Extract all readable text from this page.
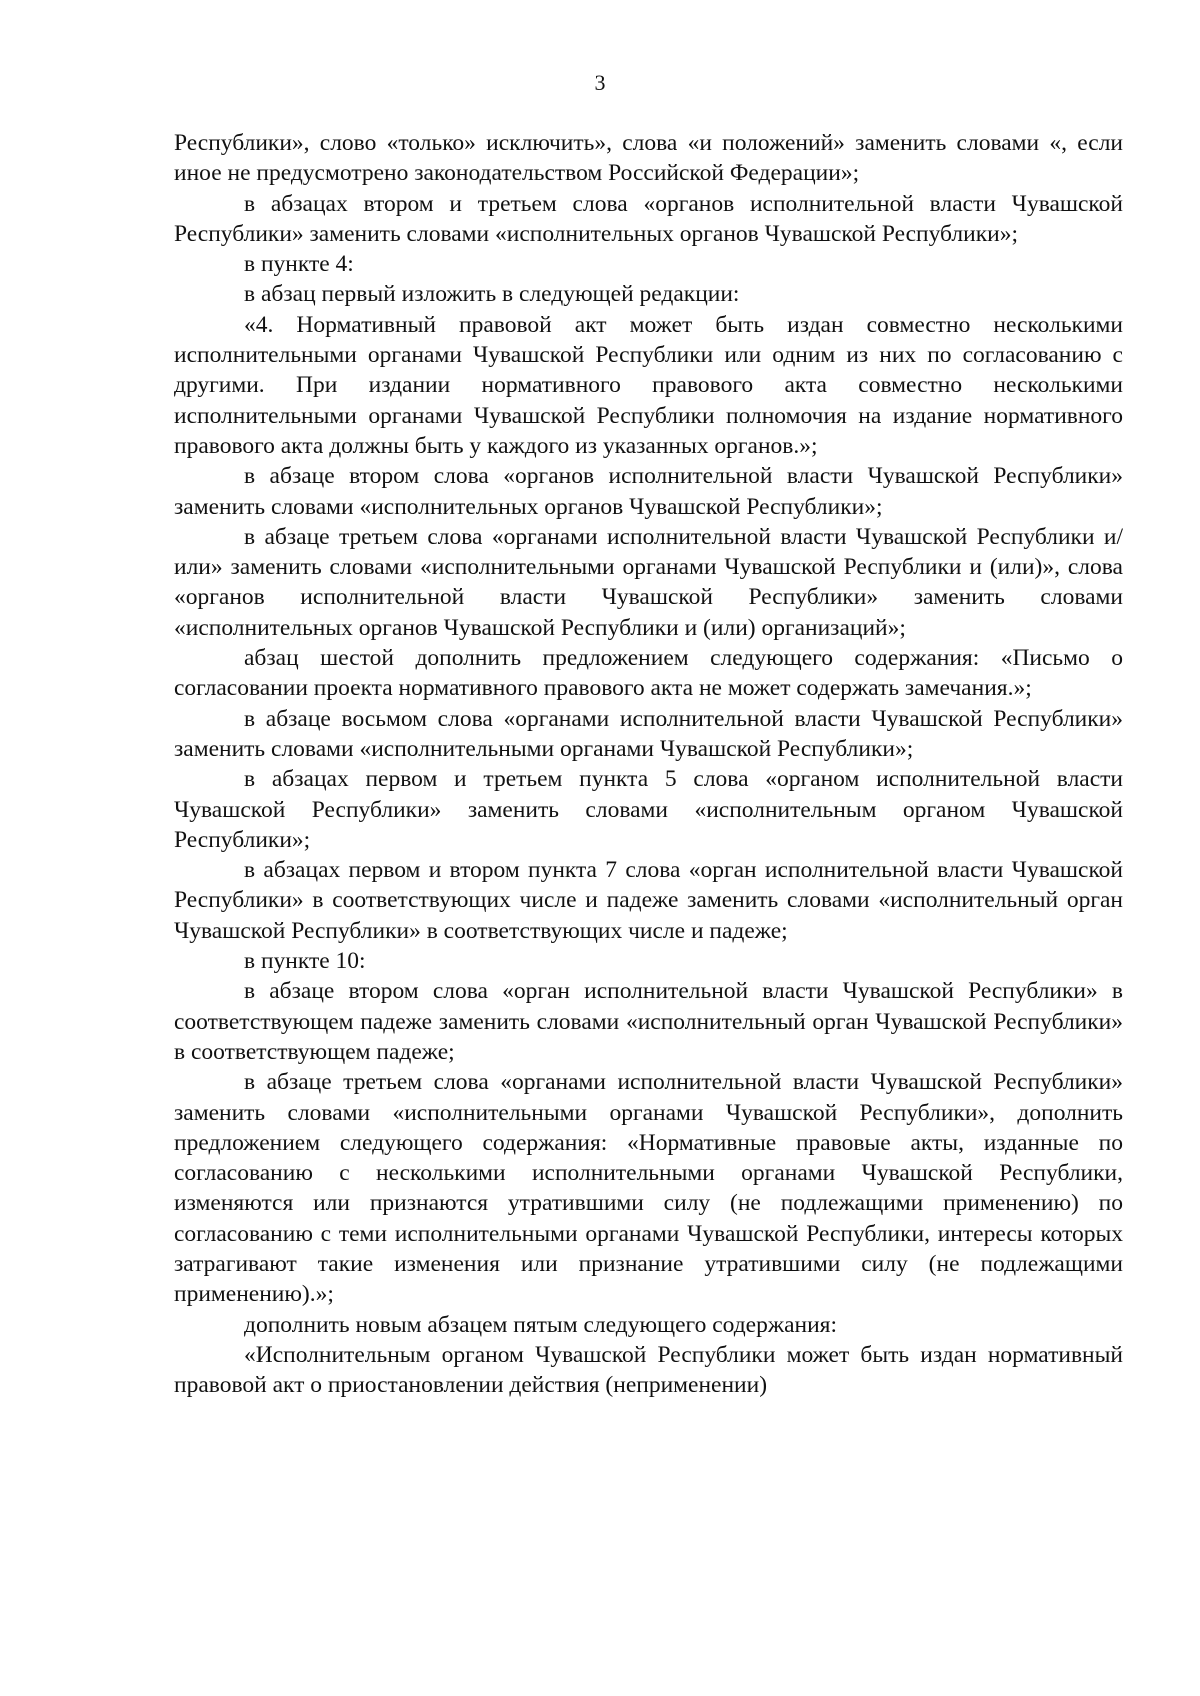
3

Республики», слово «только» исключить», слова «и положений» заменить словами «, если иное не предусмотрено законодательством Российской Федерации»;

в абзацах втором и третьем слова «органов исполнительной власти Чувашской Республики» заменить словами «исполнительных органов Чувашской Республики»;

в пункте 4:

в абзац первый изложить в следующей редакции:

«4. Нормативный правовой акт может быть издан совместно несколькими исполнительными органами Чувашской Республики или одним из них по согласованию с другими. При издании нормативного правового акта совместно несколькими исполнительными органами Чувашской Республики полномочия на издание нормативного правового акта должны быть у каждого из указанных органов.»;

в абзаце втором слова «органов исполнительной власти Чувашской Республики» заменить словами «исполнительных органов Чувашской Республики»;

в абзаце третьем слова «органами исполнительной власти Чувашской Республики и/или» заменить словами «исполнительными органами Чувашской Республики и (или)», слова «органов исполнительной власти Чувашской Республики» заменить словами «исполнительных органов Чувашской Республики и (или) организаций»;

абзац шестой дополнить предложением следующего содержания: «Письмо о согласовании проекта нормативного правового акта не может содержать замечания.»;

в абзаце восьмом слова «органами исполнительной власти Чувашской Республики» заменить словами «исполнительными органами Чувашской Республики»;

в абзацах первом и третьем пункта 5 слова «органом исполнительной власти Чувашской Республики» заменить словами «исполнительным органом Чувашской Республики»;

в абзацах первом и втором пункта 7 слова «орган исполнительной власти Чувашской Республики» в соответствующих числе и падеже заменить словами «исполнительный орган Чувашской Республики» в соответствующих числе и падеже;

в пункте 10:

в абзаце втором слова «орган исполнительной власти Чувашской Республики» в соответствующем падеже заменить словами «исполнительный орган Чувашской Республики» в соответствующем падеже;

в абзаце третьем слова «органами исполнительной власти Чувашской Республики» заменить словами «исполнительными органами Чувашской Республики», дополнить предложением следующего содержания: «Нормативные правовые акты, изданные по согласованию с несколькими исполнительными органами Чувашской Республики, изменяются или признаются утратившими силу (не подлежащими применению) по согласованию с теми исполнительными органами Чувашской Республики, интересы которых затрагивают такие изменения или признание утратившими силу (не подлежащими применению).»;

дополнить новым абзацем пятым следующего содержания:

«Исполнительным органом Чувашской Республики может быть издан нормативный правовой акт о приостановлении действия (неприменении)
